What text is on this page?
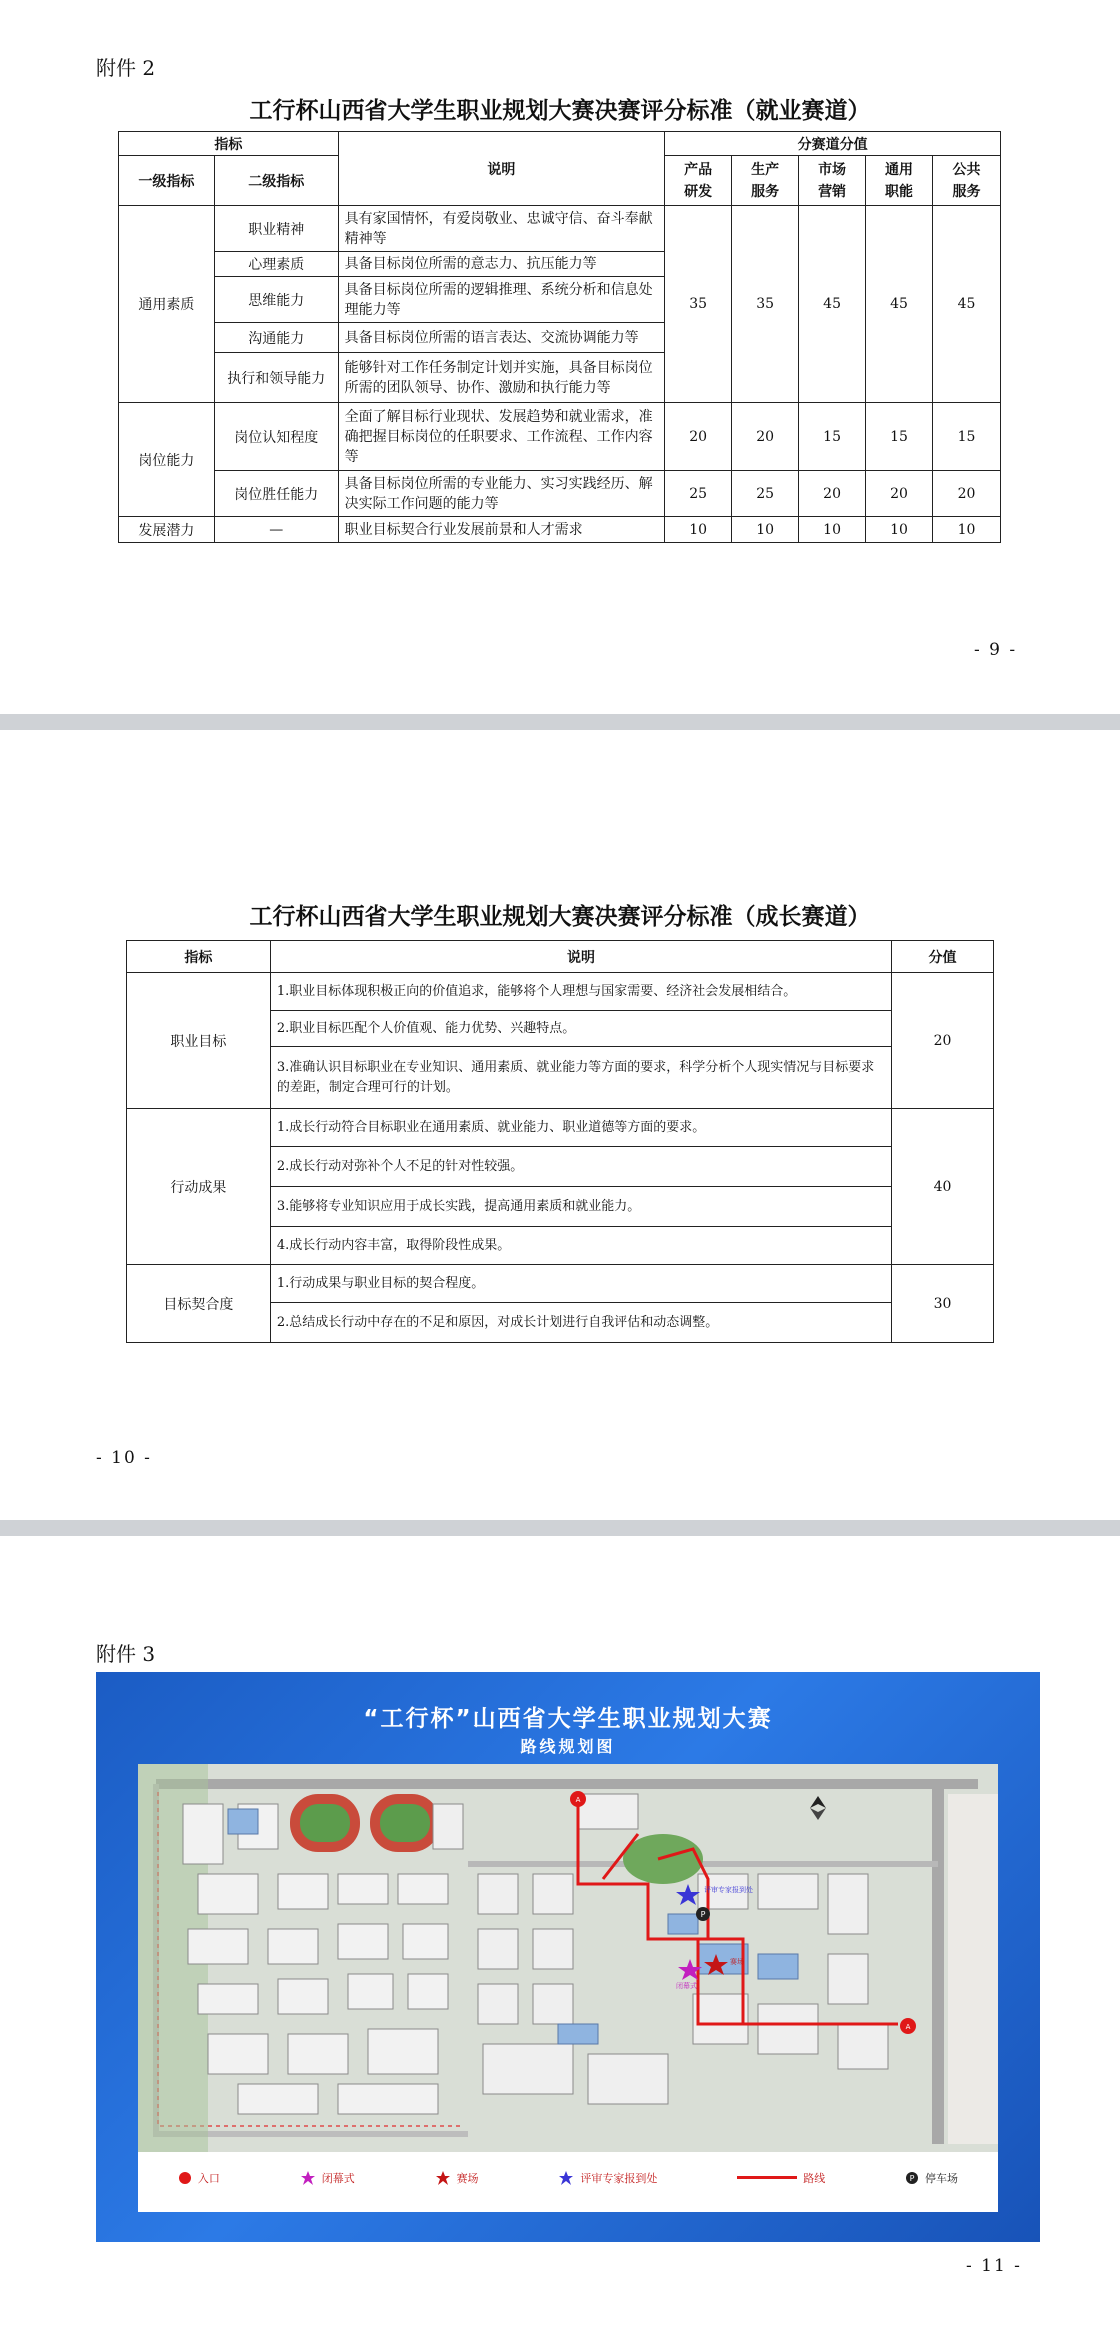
附件 2
工行杯山西省大学生职业规划大赛决赛评分标准（就业赛道）
指标		说明	分赛道分值				
一级指标	二级指标		产品研发	生产服务	市场营销	通用职能	公共服务
通用素质	职业精神	具有家国情怀，有爱岗敬业、忠诚守信、奋斗奉献精神等	35	35	45	45	45
	心理素质	具备目标岗位所需的意志力、抗压能力等					
	思维能力	具备目标岗位所需的逻辑推理、系统分析和信息处理能力等					
	沟通能力	具备目标岗位所需的语言表达、交流协调能力等					
	执行和领导能力	能够针对工作任务制定计划并实施，具备目标岗位所需的团队领导、协作、激励和执行能力等					
岗位能力	岗位认知程度	全面了解目标行业现状、发展趋势和就业需求，准确把握目标岗位的任职要求、工作流程、工作内容等	20	20	15	15	15
	岗位胜任能力	具备目标岗位所需的专业能力、实习实践经历、解决实际工作问题的能力等	25	25	20	20	20
发展潜力	—	职业目标契合行业发展前景和人才需求	10	10	10	10	10
- 9 -
工行杯山西省大学生职业规划大赛决赛评分标准（成长赛道）
指标	说明	分值
职业目标	1.职业目标体现积极正向的价值追求，能够将个人理想与国家需要、经济社会发展相结合。	20
	2.职业目标匹配个人价值观、能力优势、兴趣特点。	
	3.准确认识目标职业在专业知识、通用素质、就业能力等方面的要求，科学分析个人现实情况与目标要求的差距，制定合理可行的计划。	
行动成果	1.成长行动符合目标职业在通用素质、就业能力、职业道德等方面的要求。	40
	2.成长行动对弥补个人不足的针对性较强。	
	3.能够将专业知识应用于成长实践，提高通用素质和就业能力。	
	4.成长行动内容丰富，取得阶段性成果。	
目标契合度	1.行动成果与职业目标的契合程度。	30
	2.总结成长行动中存在的不足和原因，对成长计划进行自我评估和动态调整。	
- 10 -
附件 3
“工行杯”山西省大学生职业规划大赛
路线规划图
A
A
评审专家报到处
P
闭幕式
赛场
入口	闭幕式	赛场	评审专家报到处	路线	P 停车场
- 11 -
